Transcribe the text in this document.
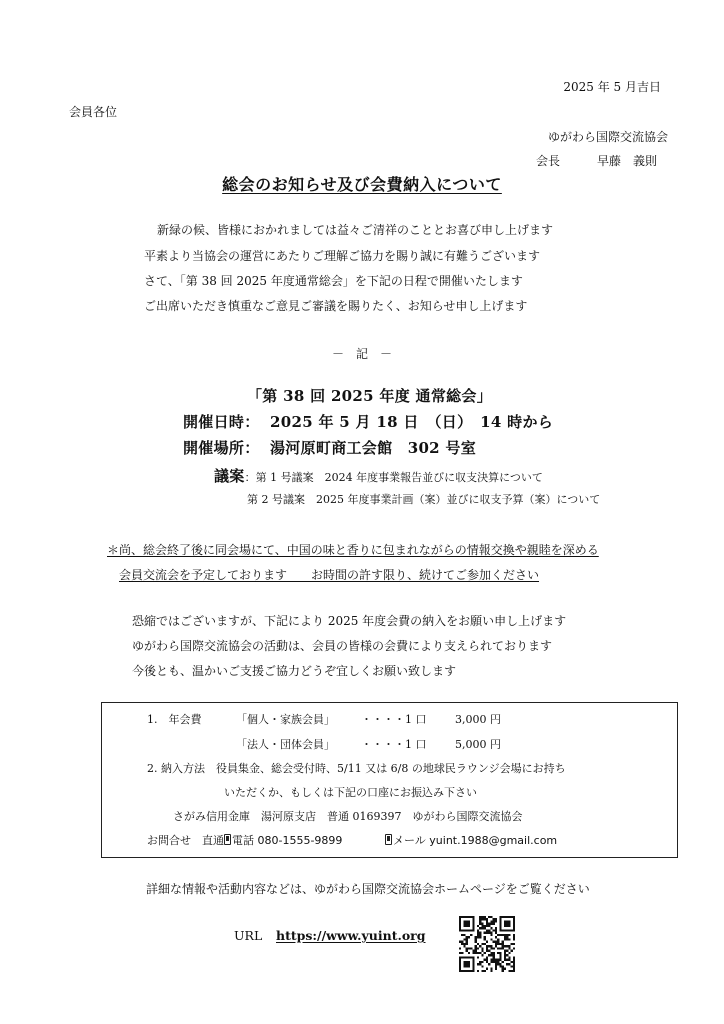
2025 年 5 月吉日
会員各位
ゆがわら国際交流協会
会長	早藤　義則
総会のお知らせ及び会費納入について
新緑の候、皆様におかれましては益々ご清祥のこととお喜び申し上げます
平素より当協会の運営にあたりご理解ご協力を賜り誠に有難うございます
さて、「第 38 回 2025 年度通常総会」を下記の日程で開催いたします
ご出席いただき慎重なご意見ご審議を賜りたく、お知らせ申し上げます
－　記　－
「第 38 回 2025 年度 通常総会」
開催日時： 2025 年 5 月 18 日　（日）　14 時から
開催場所： 湯河原町商工会館　302 号室
議案：第 1 号議案　2024 年度事業報告並びに収支決算について
第 2 号議案　2025 年度事業計画（案）並びに収支予算（案）について
＊尚、総会終了後に同会場にて、中国の味と香りに包まれながらの情報交換や親睦を深める
会員交流会を予定しております　　お時間の許す限り、続けてご参加ください
恐縮ではございますが、下記により 2025 年度会費の納入をお願い申し上げます
ゆがわら国際交流協会の活動は、会員の皆様の会費により支えられております
今後とも、温かいご支援ご協力どうぞ宜しくお願い致します
1.　年会費	「個人・家族会員」 ・・・・1 口	3,000 円
「法人・団体会員」 ・・・・1 口	5,000 円
2. 納入方法　役員集金、総会受付時、5/11 又は 6/8 の地球民ラウンジ会場にお持ち
いただくか、もしくは下記の口座にお振込み下さい
さがみ信用金庫　湯河原支店　普通 0169397　ゆがわら国際交流協会
お問合せ　直通 電話 080-1555-9899	メール yuint.1988@gmail.com
詳細な情報や活動内容などは、ゆがわら国際交流協会ホームページをご覧ください
URL https://www.yuint.org
